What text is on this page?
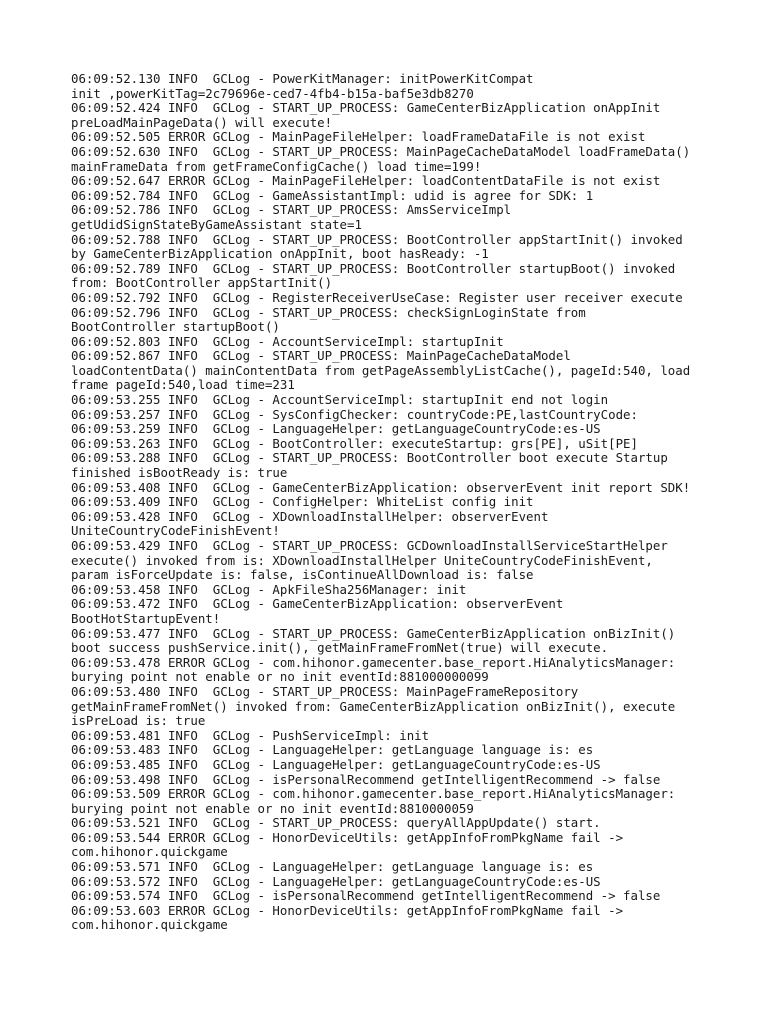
06:09:52.130 INFO  GCLog - PowerKitManager: initPowerKitCompat
init ,powerKitTag=2c79696e-ced7-4fb4-b15a-baf5e3db8270
06:09:52.424 INFO  GCLog - START_UP_PROCESS: GameCenterBizApplication onAppInit
preLoadMainPageData() will execute!
06:09:52.505 ERROR GCLog - MainPageFileHelper: loadFrameDataFile is not exist
06:09:52.630 INFO  GCLog - START_UP_PROCESS: MainPageCacheDataModel loadFrameData()
mainFrameData from getFrameConfigCache() load time=199!
06:09:52.647 ERROR GCLog - MainPageFileHelper: loadContentDataFile is not exist
06:09:52.784 INFO  GCLog - GameAssistantImpl: udid is agree for SDK: 1
06:09:52.786 INFO  GCLog - START_UP_PROCESS: AmsServiceImpl
getUdidSignStateByGameAssistant state=1
06:09:52.788 INFO  GCLog - START_UP_PROCESS: BootController appStartInit() invoked
by GameCenterBizApplication onAppInit, boot hasReady: -1
06:09:52.789 INFO  GCLog - START_UP_PROCESS: BootController startupBoot() invoked
from: BootController appStartInit()
06:09:52.792 INFO  GCLog - RegisterReceiverUseCase: Register user receiver execute
06:09:52.796 INFO  GCLog - START_UP_PROCESS: checkSignLoginState from
BootController startupBoot()
06:09:52.803 INFO  GCLog - AccountServiceImpl: startupInit
06:09:52.867 INFO  GCLog - START_UP_PROCESS: MainPageCacheDataModel
loadContentData() mainContentData from getPageAssemblyListCache(), pageId:540, load
frame pageId:540,load time=231
06:09:53.255 INFO  GCLog - AccountServiceImpl: startupInit end not login
06:09:53.257 INFO  GCLog - SysConfigChecker: countryCode:PE,lastCountryCode:
06:09:53.259 INFO  GCLog - LanguageHelper: getLanguageCountryCode:es-US
06:09:53.263 INFO  GCLog - BootController: executeStartup: grs[PE], uSit[PE]
06:09:53.288 INFO  GCLog - START_UP_PROCESS: BootController boot execute Startup
finished isBootReady is: true
06:09:53.408 INFO  GCLog - GameCenterBizApplication: observerEvent init report SDK!
06:09:53.409 INFO  GCLog - ConfigHelper: WhiteList config init
06:09:53.428 INFO  GCLog - XDownloadInstallHelper: observerEvent
UniteCountryCodeFinishEvent!
06:09:53.429 INFO  GCLog - START_UP_PROCESS: GCDownloadInstallServiceStartHelper
execute() invoked from is: XDownloadInstallHelper UniteCountryCodeFinishEvent,
param isForceUpdate is: false, isContinueAllDownload is: false
06:09:53.458 INFO  GCLog - ApkFileSha256Manager: init
06:09:53.472 INFO  GCLog - GameCenterBizApplication: observerEvent
BootHotStartupEvent!
06:09:53.477 INFO  GCLog - START_UP_PROCESS: GameCenterBizApplication onBizInit()
boot success pushService.init(), getMainFrameFromNet(true) will execute.
06:09:53.478 ERROR GCLog - com.hihonor.gamecenter.base_report.HiAnalyticsManager:
burying point not enable or no init eventId:881000000099
06:09:53.480 INFO  GCLog - START_UP_PROCESS: MainPageFrameRepository
getMainFrameFromNet() invoked from: GameCenterBizApplication onBizInit(), execute
isPreLoad is: true
06:09:53.481 INFO  GCLog - PushServiceImpl: init
06:09:53.483 INFO  GCLog - LanguageHelper: getLanguage language is: es
06:09:53.485 INFO  GCLog - LanguageHelper: getLanguageCountryCode:es-US
06:09:53.498 INFO  GCLog - isPersonalRecommend getIntelligentRecommend -> false
06:09:53.509 ERROR GCLog - com.hihonor.gamecenter.base_report.HiAnalyticsManager:
burying point not enable or no init eventId:8810000059
06:09:53.521 INFO  GCLog - START_UP_PROCESS: queryAllAppUpdate() start.
06:09:53.544 ERROR GCLog - HonorDeviceUtils: getAppInfoFromPkgName fail ->
com.hihonor.quickgame
06:09:53.571 INFO  GCLog - LanguageHelper: getLanguage language is: es
06:09:53.572 INFO  GCLog - LanguageHelper: getLanguageCountryCode:es-US
06:09:53.574 INFO  GCLog - isPersonalRecommend getIntelligentRecommend -> false
06:09:53.603 ERROR GCLog - HonorDeviceUtils: getAppInfoFromPkgName fail ->
com.hihonor.quickgame
